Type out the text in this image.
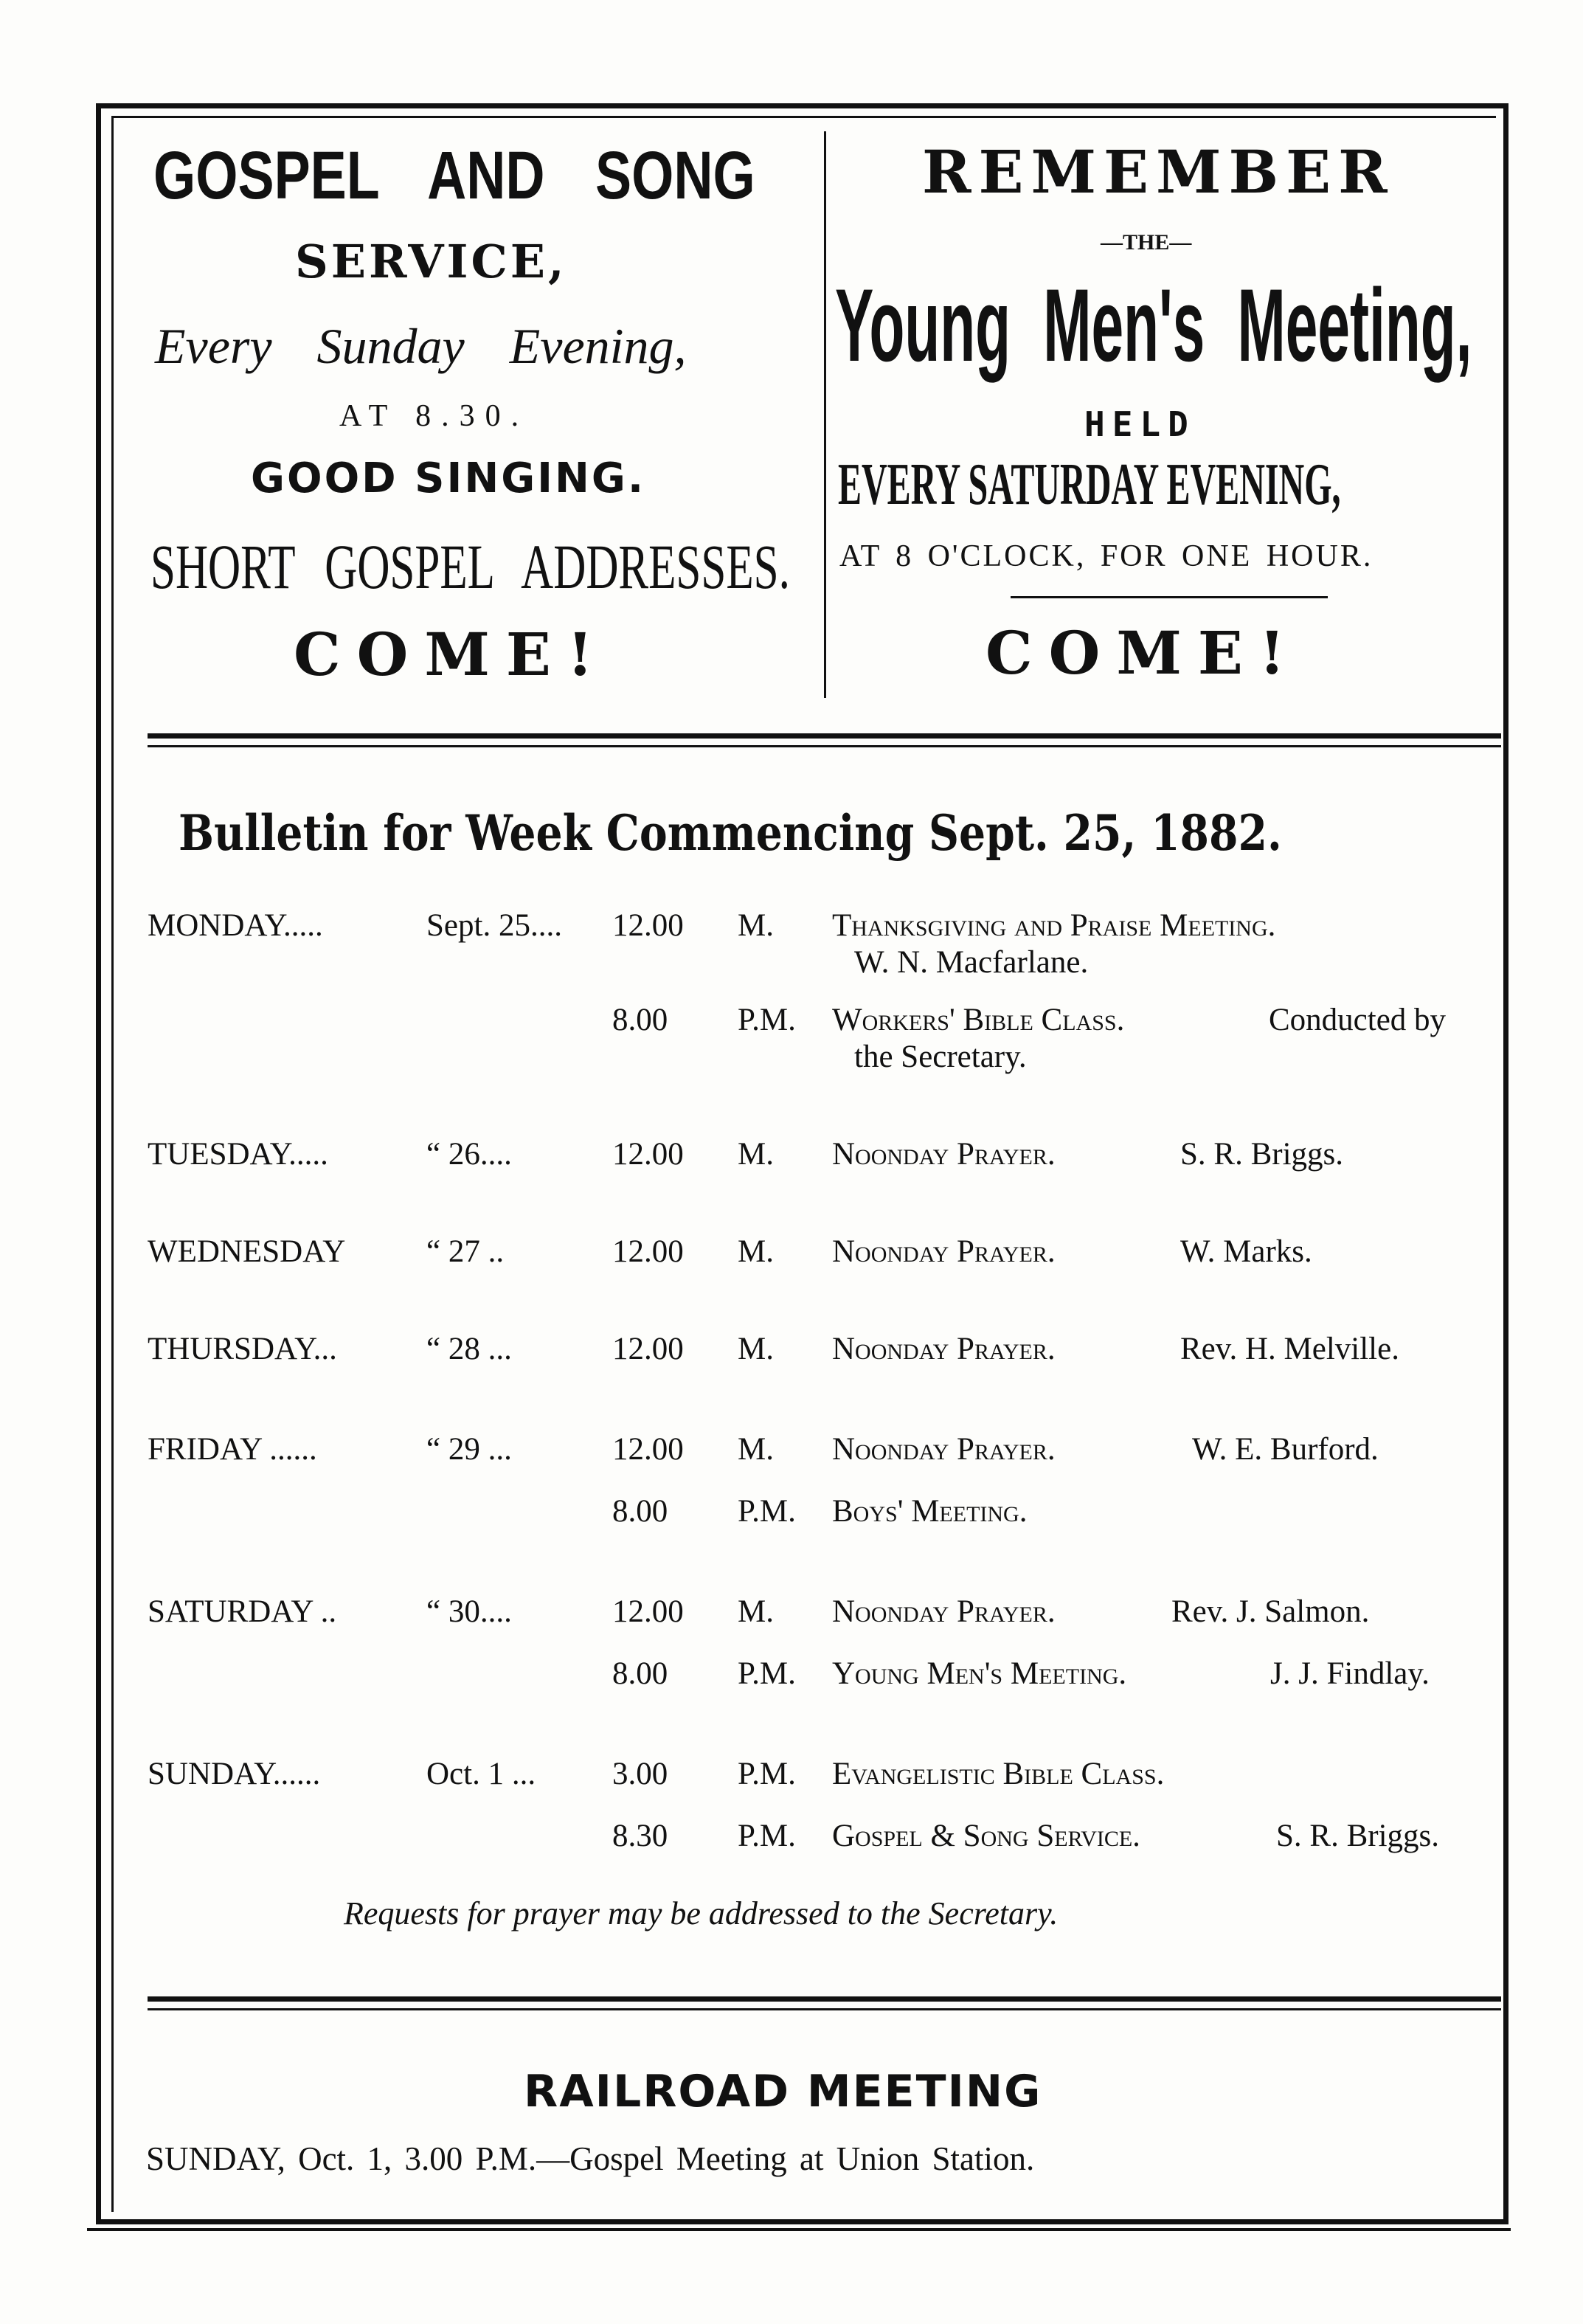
GOSPEL AND SONG
SERVICE,
Every Sunday Evening,
AT 8.30.
GOOD SINGING.
SHORT GOSPEL ADDRESSES.
COME!
REMEMBER
—THE—
Young Men's Meeting,
HELD
EVERY SATURDAY EVENING,
AT 8 O'CLOCK, FOR ONE HOUR.
COME!
Bulletin for Week Commencing Sept. 25, 1882.
MONDAY.....	Sept. 25.... 12.00 M. Thanksgiving and Praise Meeting.
W. N. Macfarlane.
8.00 P.M. Workers' Bible Class.	Conducted by
the Secretary.
TUESDAY.....	“ 26....	12.00 M. Noonday Prayer.	S. R. Briggs.
WEDNESDAY	“ 27 ..	12.00 M. Noonday Prayer.	W. Marks.
THURSDAY...	“ 28 ...	12.00 M. Noonday Prayer.	Rev. H. Melville.
FRIDAY ......	“ 29 ...	12.00 M. Noonday Prayer.	W. E. Burford.
8.00 P.M. Boys' Meeting.
SATURDAY ..	“ 30....	12.00 M. Noonday Prayer.	Rev. J. Salmon.
8.00 P.M. Young Men's Meeting.	J. J. Findlay.
SUNDAY......	Oct. 1 ... 3.00 P.M. Evangelistic Bible Class.
8.30 P.M. Gospel & Song Service.	S. R. Briggs.
Requests for prayer may be addressed to the Secretary.
RAILROAD MEETING
SUNDAY, Oct. 1, 3.00 P.M.—Gospel Meeting at Union Station.
